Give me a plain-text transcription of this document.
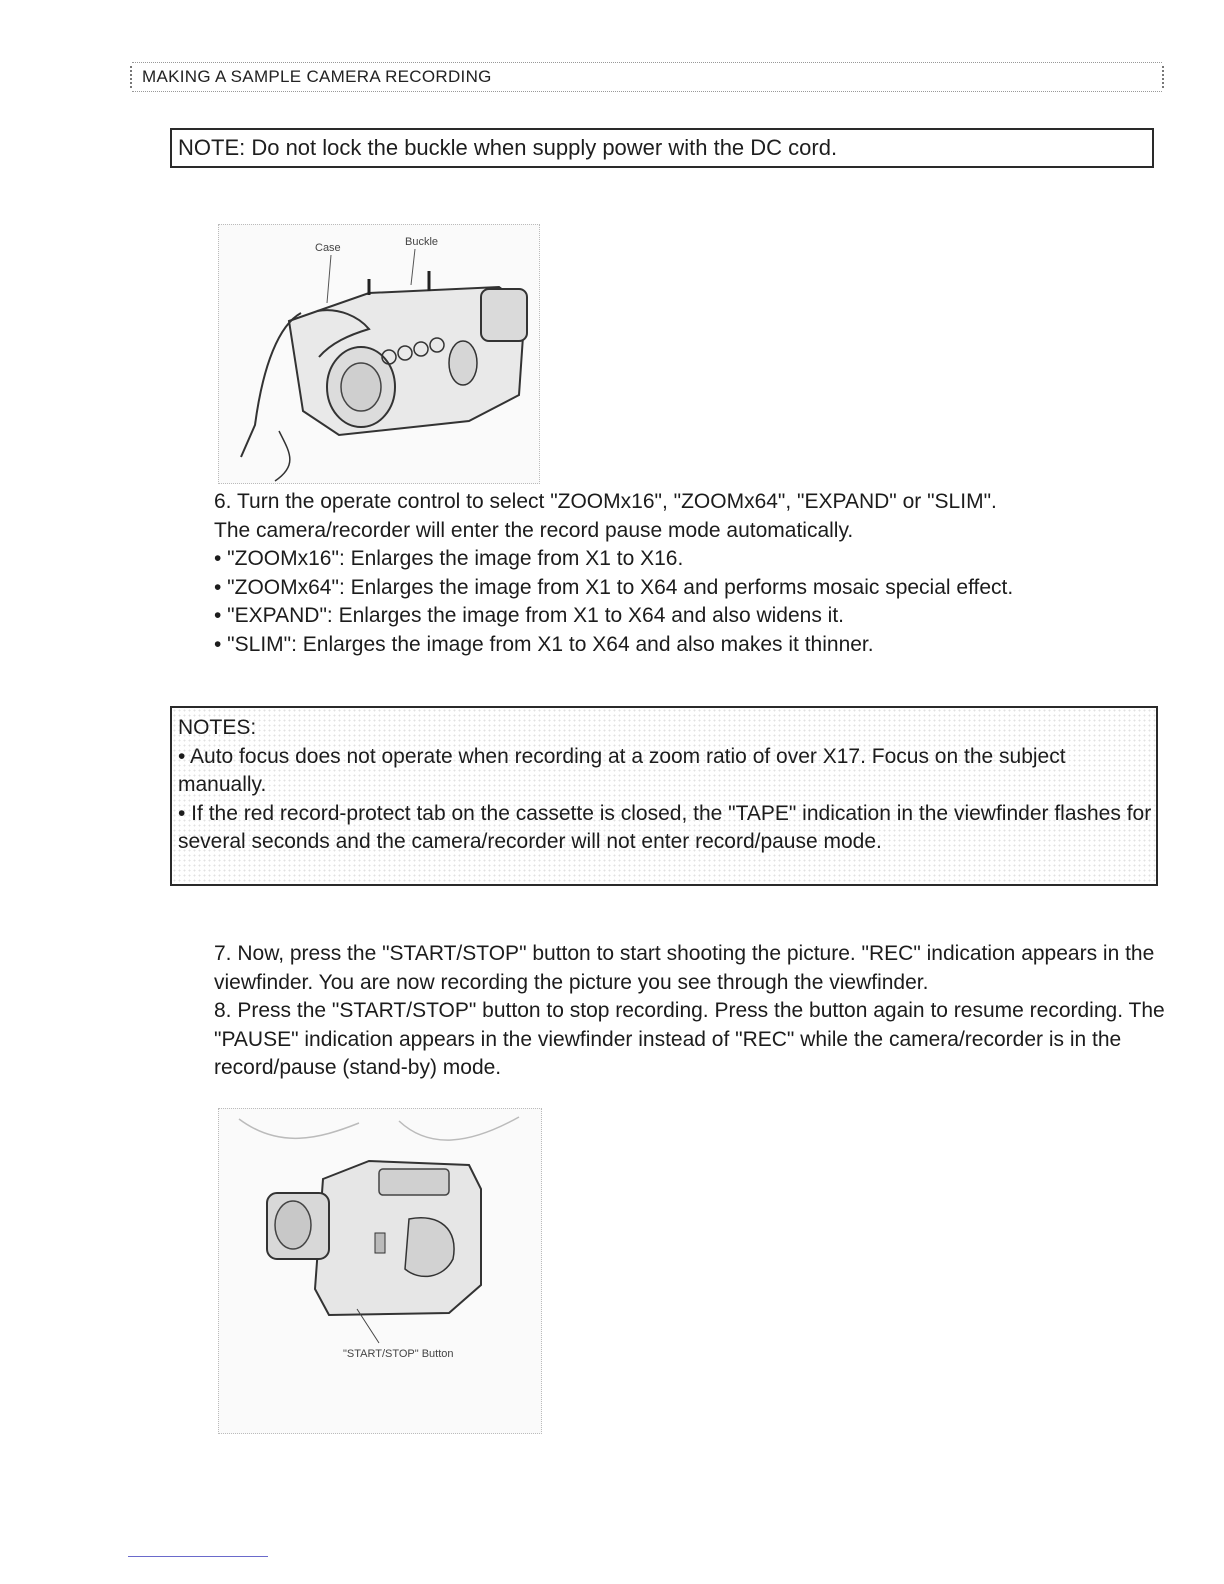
MAKING A SAMPLE CAMERA RECORDING
NOTE: Do not lock the buckle when supply power with the DC cord.
Case	Buckle

6. Turn the operate control to select "ZOOMx16", "ZOOMx64", "EXPAND" or "SLIM".

The camera/recorder will enter the record pause mode automatically.

• "ZOOMx16": Enlarges the image from X1 to X16.

• "ZOOMx64": Enlarges the image from X1 to X64 and performs mosaic special effect.

• "EXPAND": Enlarges the image from X1 to X64 and also widens it.

• "SLIM": Enlarges the image from X1 to X64 and also makes it thinner.

NOTES:

• Auto focus does not operate when recording at a zoom ratio of over X17. Focus on the subject manually.

• If the red record-protect tab on the cassette is closed, the "TAPE" indication in the viewfinder flashes for several seconds and the camera/recorder will not enter record/pause mode.

7. Now, press the "START/STOP" button to start shooting the picture. "REC" indication appears in the viewfinder. You are now recording the picture you see through the viewfinder.

8. Press the "START/STOP" button to stop recording. Press the button again to resume recording. The "PAUSE" indication appears in the viewfinder instead of "REC" while the camera/recorder is in the record/pause (stand-by) mode.

"START/STOP" Button
